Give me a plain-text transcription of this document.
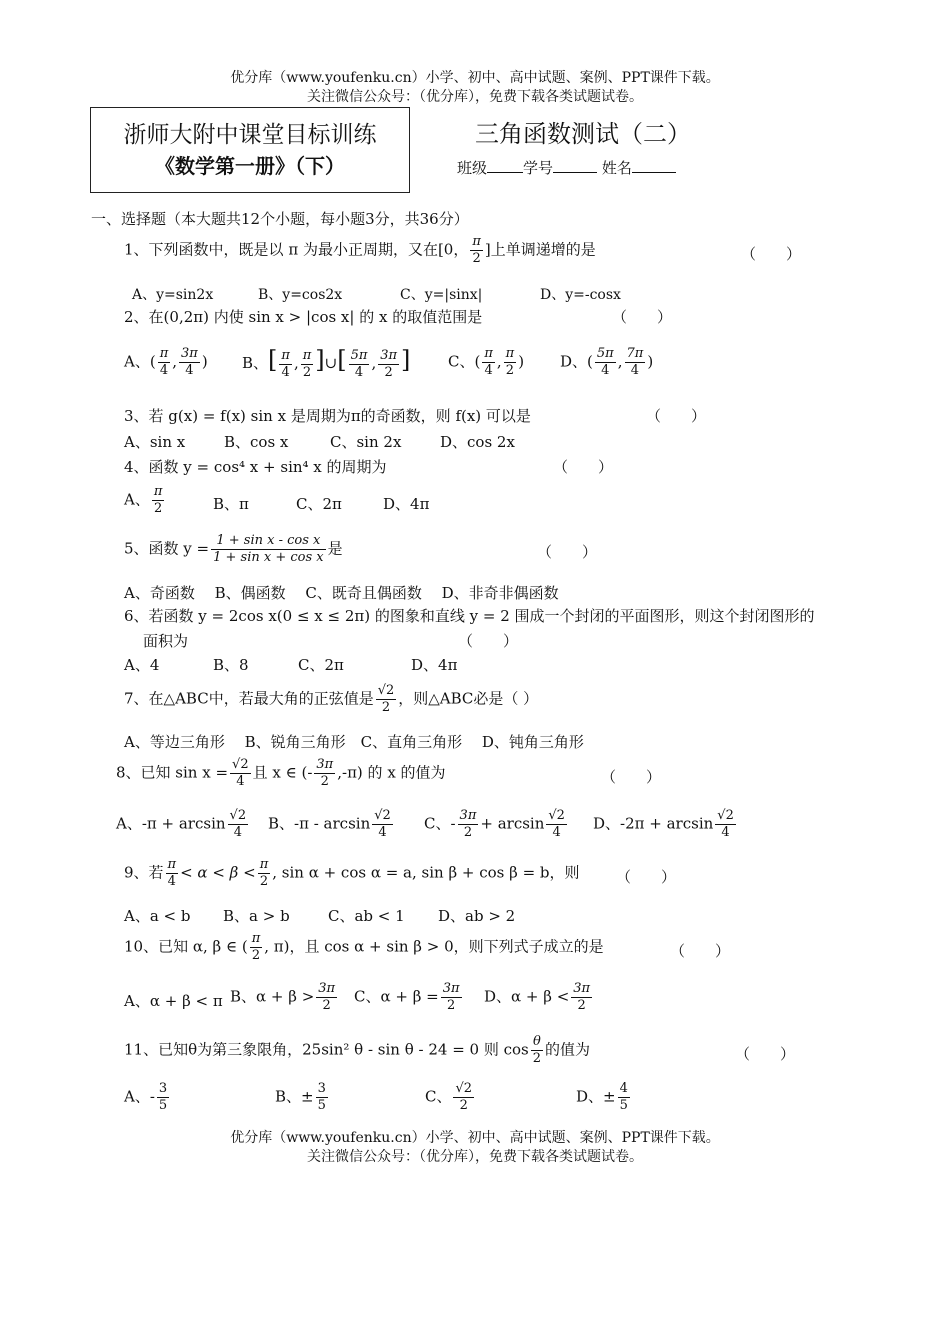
优分库（www.youfenku.cn）小学、初中、高中试题、案例、PPT课件下载。
关注微信公众号：（优分库），免费下载各类试题试卷。
浙师大附中课堂目标训练
《数学第一册》（下）
三角函数测试（二）
班级 学号	姓名
一、选择题（本大题共12个小题，每小题3分，共36分）
1、下列函数中，既是以 π 为最小正周期，又在[0， $\frac{\pi}{2}$ ]上单调递增的是	（　　）
A、y=sin2x	B、y=cos2x	C、y=|sinx|	D、y=-cosx
2、在(0,2π) 内使 sin x > |cos x| 的 x 的取值范围是	（　　）
A、( $\frac{\pi}{4}$ , $\frac{3\pi}{4}$ ) B、[ $\frac{\pi}{4}$ , $\frac{\pi}{2}$ ]∪[ $\frac{5\pi}{4}$ , $\frac{3\pi}{2}$ ]	C、( $\frac{\pi}{4}$ , $\frac{\pi}{2}$ ) D、( $\frac{5\pi}{4}$ , $\frac{7\pi}{4}$ )
3、若 g(x) = f(x) sin x 是周期为π的奇函数，则 f(x) 可以是	（　　）
A、sin x	B、cos x	C、sin 2x	D、cos 2x
4、函数 y = cos⁴ x + sin⁴ x 的周期为	（　　）
A、 $\frac{\pi}{2}$	B、π	C、2π	D、4π
5、函数 $y = \frac{\text{1 + sin x - cos x}}{\text{1 + sin x + cos x}}$ 是	（　　）
A、奇函数　 B、偶函数　 C、既奇且偶函数　 D、非奇非偶函数
6、若函数 y = 2cos x(0 ≤ x ≤ 2π) 的图象和直线 y = 2 围成一个封闭的平面图形，则这个封闭图形的
面积为	（　　）
A、4	B、8	C、2π	D、4π
7、在△ABC中，若最大角的正弦值是 $\frac{√2}{2}$ ，则△ABC必是（ ）
A、等边三角形　 B、锐角三角形　C、直角三角形　 D、钝角三角形
8、已知 $\sin x = \frac{√2}{4}$ 且 x ∈ (- $\frac{3\pi}{2} ,-\pi$) 的 x 的值为	（　　）
A、$-\pi + \arcsin \frac{√2}{4}$ B、$-\pi - \arcsin \frac{√2}{4}$ C、- $\frac{3\pi}{2} + \arcsin \frac{√2}{4}$ D、$-2\pi + \arcsin \frac{√2}{4}$
9、若 $\frac{\pi}{4} < \alpha < \beta < \frac{\pi}{2}$ , sin α + cos α = a, sin β + cos β = b，则 （　　）
A、a < b B、a > b	C、ab < 1 D、ab > 2
10、已知 α, β ∈ ( $\frac{\pi}{2}$ , π)，且 cos α + sin β > 0，则下列式子成立的是	（　　）
A、α + β < π B、$\alpha + \beta > \frac{3\pi}{2}$ C、$\alpha + \beta = \frac{3\pi}{2}$ D、$\alpha + \beta < \frac{3\pi}{2}$
11、已知θ为第三象限角，25sin² θ - sin θ - 24 = 0 则 $\cos \frac{\theta}{2}$ 的值为	（　　）
A、- $\frac{3}{5}$	B、± $\frac{3}{5}$	C、 $\frac{√2}{2}$	D、± $\frac{4}{5}$
优分库（www.youfenku.cn）小学、初中、高中试题、案例、PPT课件下载。
关注微信公众号：（优分库），免费下载各类试题试卷。
